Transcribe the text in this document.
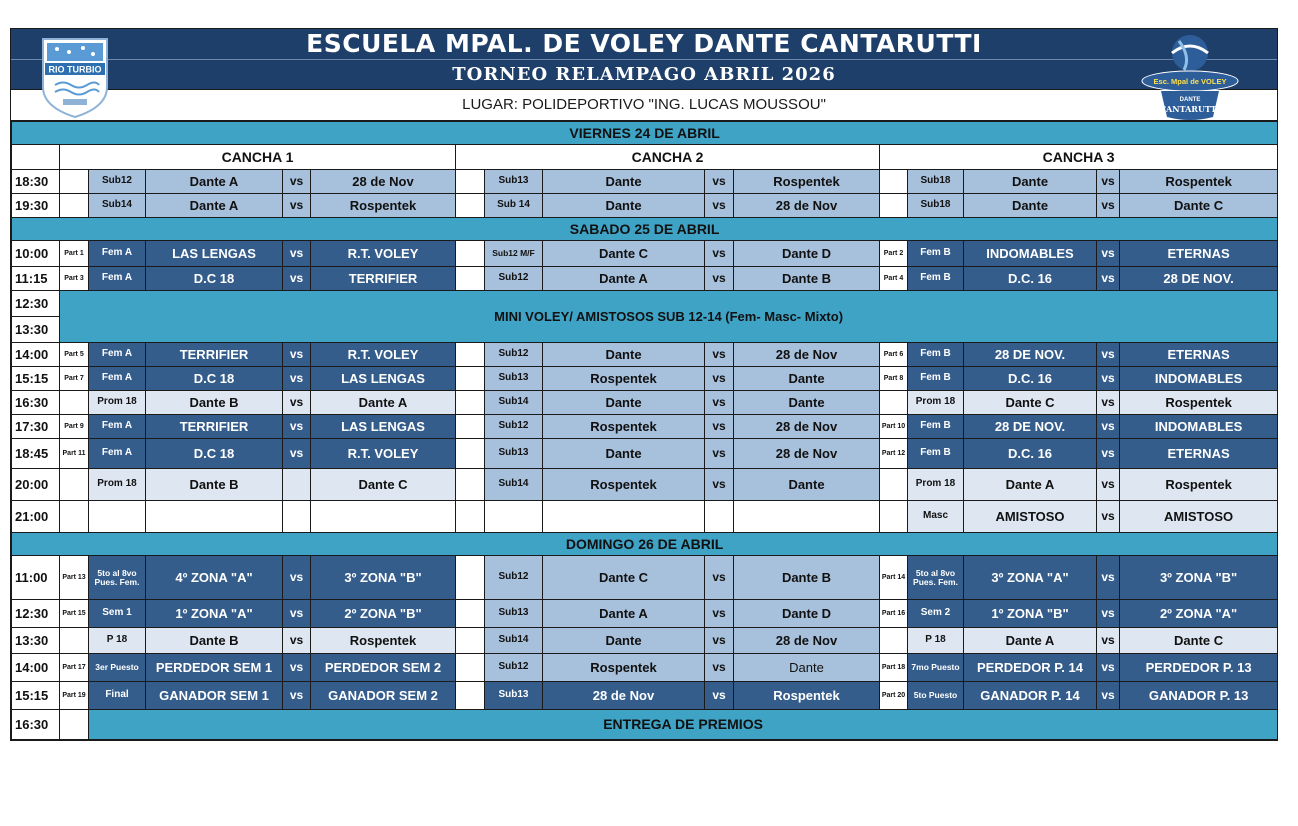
ESCUELA MPAL. DE VOLEY DANTE CANTARUTTI
TORNEO RELAMPAGO ABRIL 2026
LUGAR: POLIDEPORTIVO "ING. LUCAS MOUSSOU"
RIO TURBIO
Esc. Mpal de VOLEY
DANTE
CANTARUTTI
VIERNES 24 DE ABRIL															
	CANCHA 1					CANCHA 2					CANCHA 3				
18:30		Sub12	Dante A	vs	28 de Nov		Sub13	Dante	vs	Rospentek		Sub18	Dante	vs	Rospentek
19:30		Sub14	Dante A	vs	Rospentek		Sub 14	Dante	vs	28 de Nov		Sub18	Dante	vs	Dante C
SABADO 25 DE ABRIL															
10:00	Part 1	Fem A	LAS LENGAS	vs	R.T. VOLEY		Sub12 M/F	Dante C	vs	Dante D	Part 2	Fem B	INDOMABLES	vs	ETERNAS
11:15	Part 3	Fem A	D.C 18	vs	TERRIFIER		Sub12	Dante A	vs	Dante B	Part 4	Fem B	D.C. 16	vs	28 DE NOV.
12:30	MINI VOLEY/ AMISTOSOS SUB 12-14 (Fem- Masc- Mixto)														
13:30															
14:00	Part 5	Fem A	TERRIFIER	vs	R.T. VOLEY		Sub12	Dante	vs	28 de Nov	Part 6	Fem B	28 DE NOV.	vs	ETERNAS
15:15	Part 7	Fem A	D.C 18	vs	LAS LENGAS		Sub13	Rospentek	vs	Dante	Part 8	Fem B	D.C. 16	vs	INDOMABLES
16:30		Prom 18	Dante B	vs	Dante A		Sub14	Dante	vs	Dante		Prom 18	Dante C	vs	Rospentek
17:30	Part 9	Fem A	TERRIFIER	vs	LAS LENGAS		Sub12	Rospentek	vs	28 de Nov	Part 10	Fem B	28 DE NOV.	vs	INDOMABLES
18:45	Part 11	Fem A	D.C 18	vs	R.T. VOLEY		Sub13	Dante	vs	28 de Nov	Part 12	Fem B	D.C. 16	vs	ETERNAS
20:00		Prom 18	Dante B		Dante C		Sub14	Rospentek	vs	Dante		Prom 18	Dante A	vs	Rospentek
21:00												Masc	AMISTOSO	vs	AMISTOSO
DOMINGO 26 DE ABRIL															
11:00	Part 13	5to al 8vo Pues. Fem.	4º ZONA "A"	vs	3º ZONA "B"		Sub12	Dante C	vs	Dante B	Part 14	5to al 8vo Pues. Fem.	3º ZONA "A"	vs	3º ZONA "B"
12:30	Part 15	Sem 1	1º ZONA "A"	vs	2º ZONA "B"		Sub13	Dante A	vs	Dante D	Part 16	Sem 2	1º ZONA "B"	vs	2º ZONA "A"
13:30		P 18	Dante B	vs	Rospentek		Sub14	Dante	vs	28 de Nov		P 18	Dante A	vs	Dante C
14:00	Part 17	3er Puesto	PERDEDOR SEM 1	vs	PERDEDOR SEM 2		Sub12	Rospentek	vs	Dante	Part 18	7mo Puesto	PERDEDOR P. 14	vs	PERDEDOR P. 13
15:15	Part 19	Final	GANADOR SEM 1	vs	GANADOR SEM 2		Sub13	28 de Nov	vs	Rospentek	Part 20	5to Puesto	GANADOR P. 14	vs	GANADOR P. 13
16:30		ENTREGA DE PREMIOS													
